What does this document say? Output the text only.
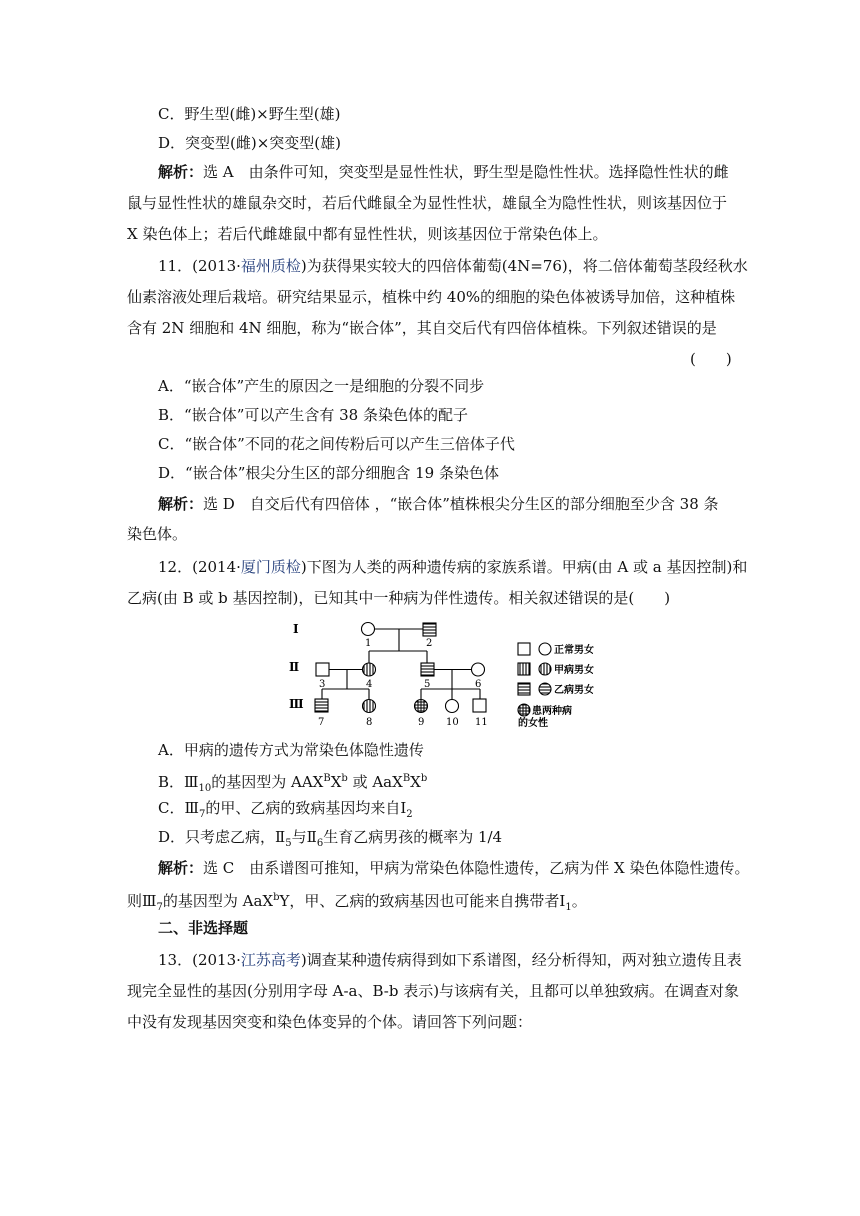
C．野生型(雌)×野生型(雄)
D．突变型(雌)×突变型(雄)
解析：选 A　由条件可知，突变型是显性性状，野生型是隐性性状。选择隐性性状的雌
鼠与显性性状的雄鼠杂交时，若后代雌鼠全为显性性状，雄鼠全为隐性性状，则该基因位于
X 染色体上；若后代雌雄鼠中都有显性性状，则该基因位于常染色体上。
11．(2013·福州质检)为获得果实较大的四倍体葡萄(4N=76)，将二倍体葡萄茎段经秋水
仙素溶液处理后栽培。研究结果显示，植株中约 40%的细胞的染色体被诱导加倍，这种植株
含有 2N 细胞和 4N 细胞，称为“嵌合体”，其自交后代有四倍体植株。下列叙述错误的是
(　　)
A．“嵌合体”产生的原因之一是细胞的分裂不同步
B．“嵌合体”可以产生含有 38 条染色体的配子
C．“嵌合体”不同的花之间传粉后可以产生三倍体子代
D．“嵌合体”根尖分生区的部分细胞含 19 条染色体
解析：选 D　自交后代有四倍体 ，“嵌合体”植株根尖分生区的部分细胞至少含 38 条
染色体。
12．(2014·厦门质检)下图为人类的两种遗传病的家族系谱。甲病(由 A 或 a 基因控制)和
乙病(由 B 或 b 基因控制)，已知其中一种病为伴性遗传。相关叙述错误的是(　　)
Ⅰ
Ⅱ
Ⅲ
1	2
3	4	5	6
7	8	9 10 11
正常男女
甲病男女
乙病男女
患两种病
的女性
A．甲病的遗传方式为常染色体隐性遗传
B．$Ⅲ_{10}$的基因型为 $AAX^BX^b$ 或 $AaX^BX^b$
C．$Ⅲ_7$的甲、乙病的致病基因均来自$Ⅰ_2$
D．只考虑乙病，$Ⅱ_5$与$Ⅱ_6$生育乙病男孩的概率为 1/4
解析：选 C　由系谱图可推知，甲病为常染色体隐性遗传，乙病为伴 X 染色体隐性遗传。
则$Ⅲ_7$的基因型为 AaX$^b$Y，甲、乙病的致病基因也可能来自携带者$Ⅰ_1$。
二、非选择题
13．(2013·江苏高考)调查某种遗传病得到如下系谱图，经分析得知，两对独立遗传且表
现完全显性的基因(分别用字母 A-a、B-b 表示)与该病有关，且都可以单独致病。在调查对象
中没有发现基因突变和染色体变异的个体。请回答下列问题：
